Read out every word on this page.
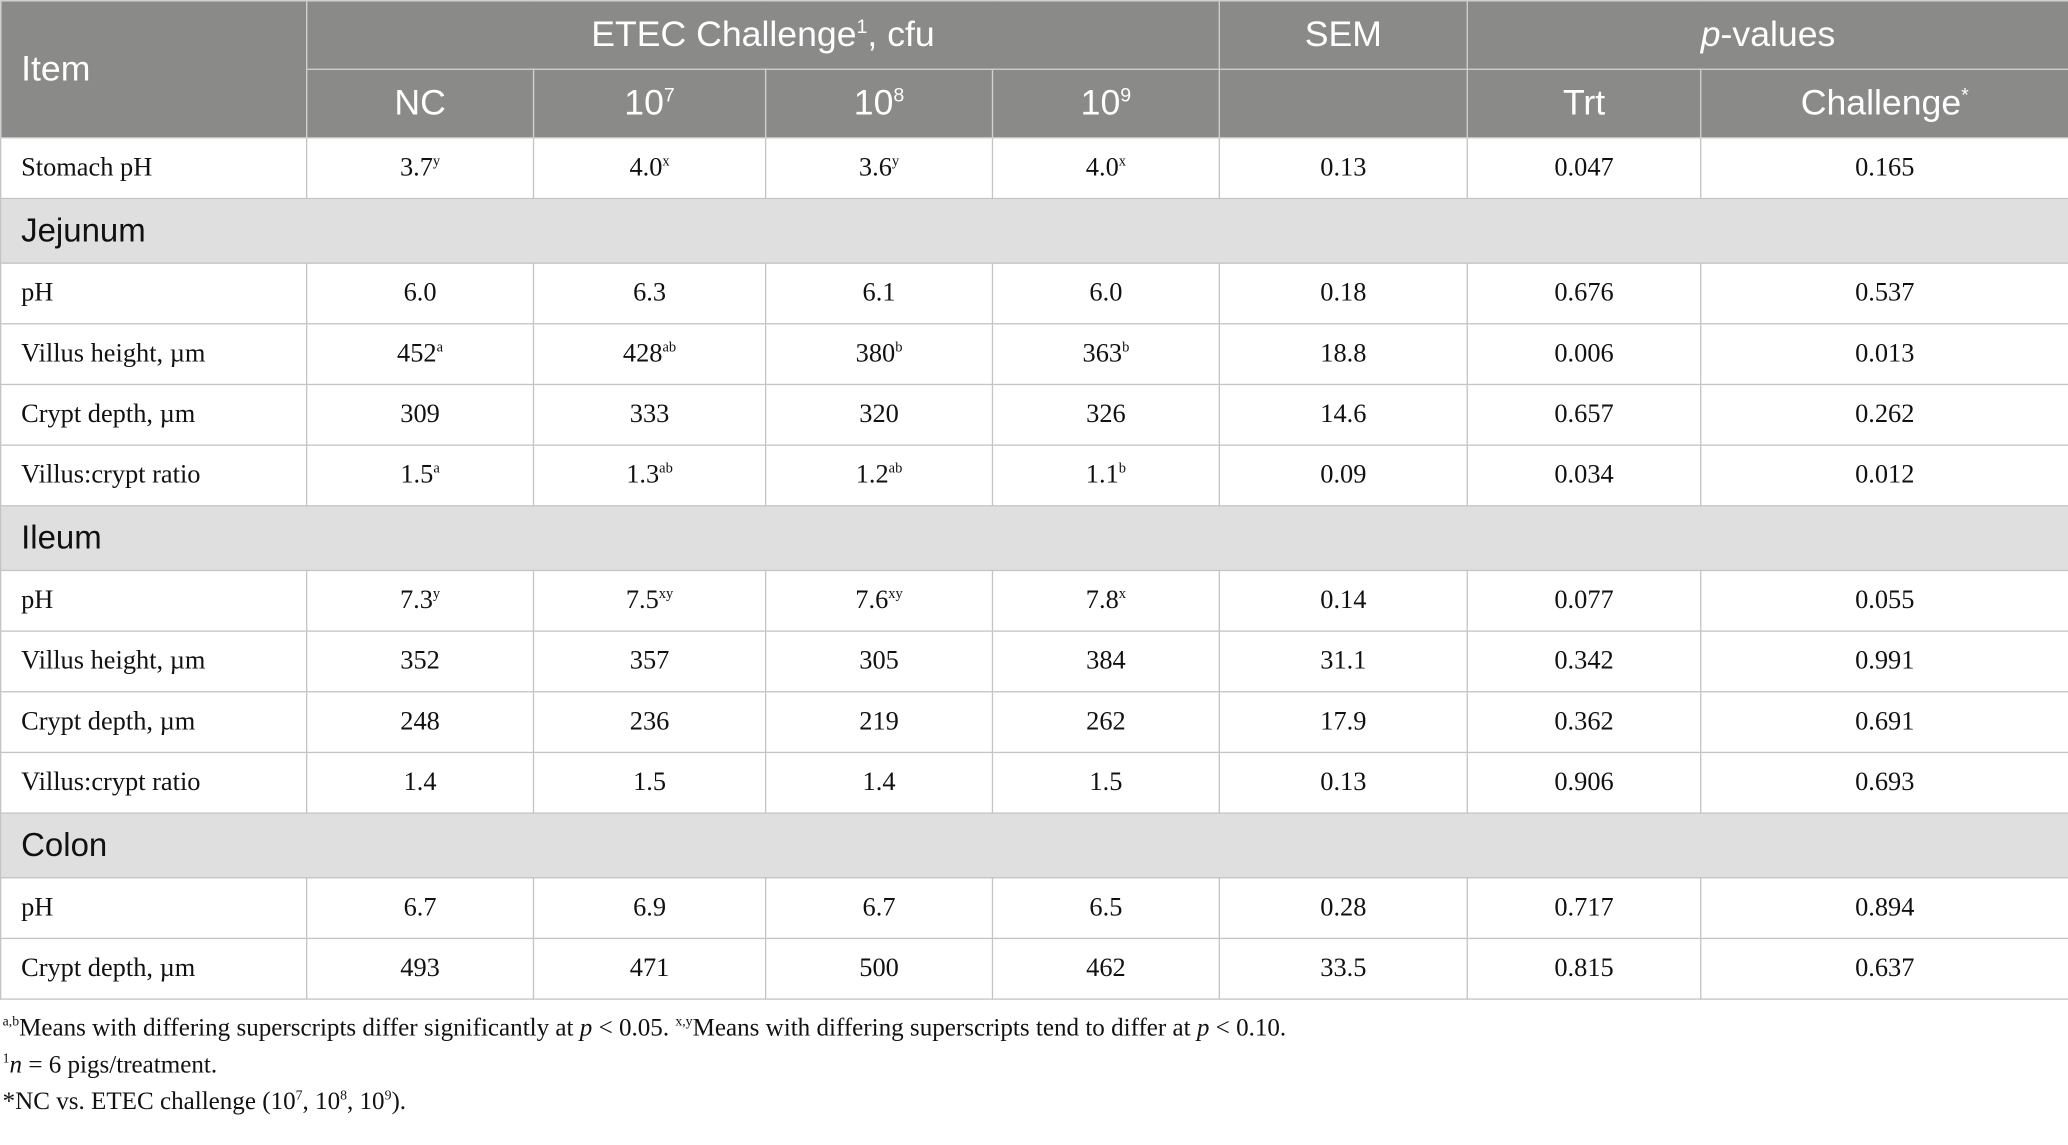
Item	ETEC Challenge$^1$, cfu				SEM	p-values	
	NC	$10^7$	$10^8$	$10^9$		Trt	Challenge*
Stomach pH	3.7$^y$	4.0$^x$	3.6$^y$	4.0$^x$	0.13	0.047	0.165
Jejunum							
pH	6.0	6.3	6.1	6.0	0.18	0.676	0.537
Villus height, µm	452$^a$	$428^{ab}$	380$^b$	363$^b$	18.8	0.006	0.013
Crypt depth, µm	309	333	320	326	14.6	0.657	0.262
Villus:crypt ratio	1.5$^a$	1.3$^{ab}$	1.2$^{ab}$	1.1$^b$	0.09	0.034	0.012
Ileum							
pH	7.3$^y$	$7.5^{xy}$	$7.6^{xy}$	7.8$^x$	0.14	0.077	0.055
Villus height, µm	352	357	305	384	31.1	0.342	0.991
Crypt depth, µm	248	236	219	262	17.9	0.362	0.691
Villus:crypt ratio	1.4	1.5	1.4	1.5	0.13	0.906	0.693
Colon							
pH	6.7	6.9	6.7	6.5	0.28	0.717	0.894
Crypt depth, µm	493	471	500	462	33.5	0.815	0.637
$^{a,b}$Means with differing superscripts differ significantly at p < 0.05. $^{x,y}$Means with differing superscripts tend to differ at p < 0.10.
$^1$n = 6 pigs/treatment.
*NC vs. ETEC challenge ($10^7$, $10^8$, $10^9$).
